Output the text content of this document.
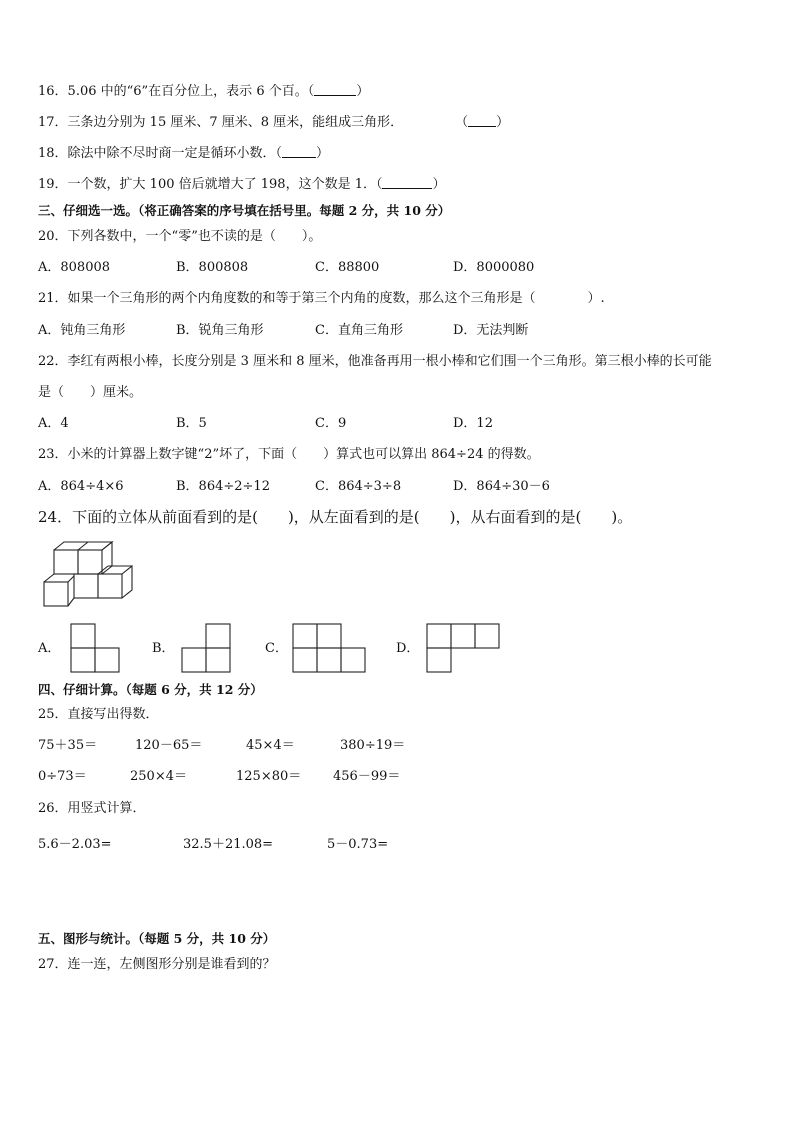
16．5.06 中的“6”在百分位上，表示 6 个百。（	）
17．三条边分别为 15 厘米、7 厘米、8 厘米，能组成三角形．	（ ）
18．除法中除不尽时商一定是循环小数．（	）
19．一个数，扩大 100 倍后就增大了 198，这个数是 1．（	）
三、仔细选一选。（将正确答案的序号填在括号里。每题 2 分，共 10 分）
20．下列各数中，一个“零”也不读的是（　　）。
A．808008	B．800808	C．88800	D．8000080
21．如果一个三角形的两个内角度数的和等于第三个内角的度数，那么这个三角形是（　　　　）.
A．钝角三角形	B．锐角三角形	C．直角三角形	D．无法判断
22．李红有两根小棒，长度分别是 3 厘米和 8 厘米，他准备再用一根小棒和它们围一个三角形。第三根小棒的长可能
是（　　）厘米。
A．4	B．5	C．9	D．12
23．小米的计算器上数字键“2”坏了，下面（　　）算式也可以算出 864÷24 的得数。
A．864÷4×6	B．864÷2÷12	C．864÷3÷8	D．864÷30－6
24．下面的立体从前面看到的是(　　)，从左面看到的是(　　)，从右面看到的是(　　)。
A．	B．	C．	D．
四、仔细计算。（每题 6 分，共 12 分）
25．直接写出得数．
75＋35＝	120－65＝	45×4＝	380÷19＝
0÷73＝	250×4＝	125×80＝ 456－99＝
26．用竖式计算．
5.6－2.03=	32.5＋21.08=	5－0.73=
五、图形与统计。（每题 5 分，共 10 分）
27．连一连，左侧图形分别是谁看到的？
